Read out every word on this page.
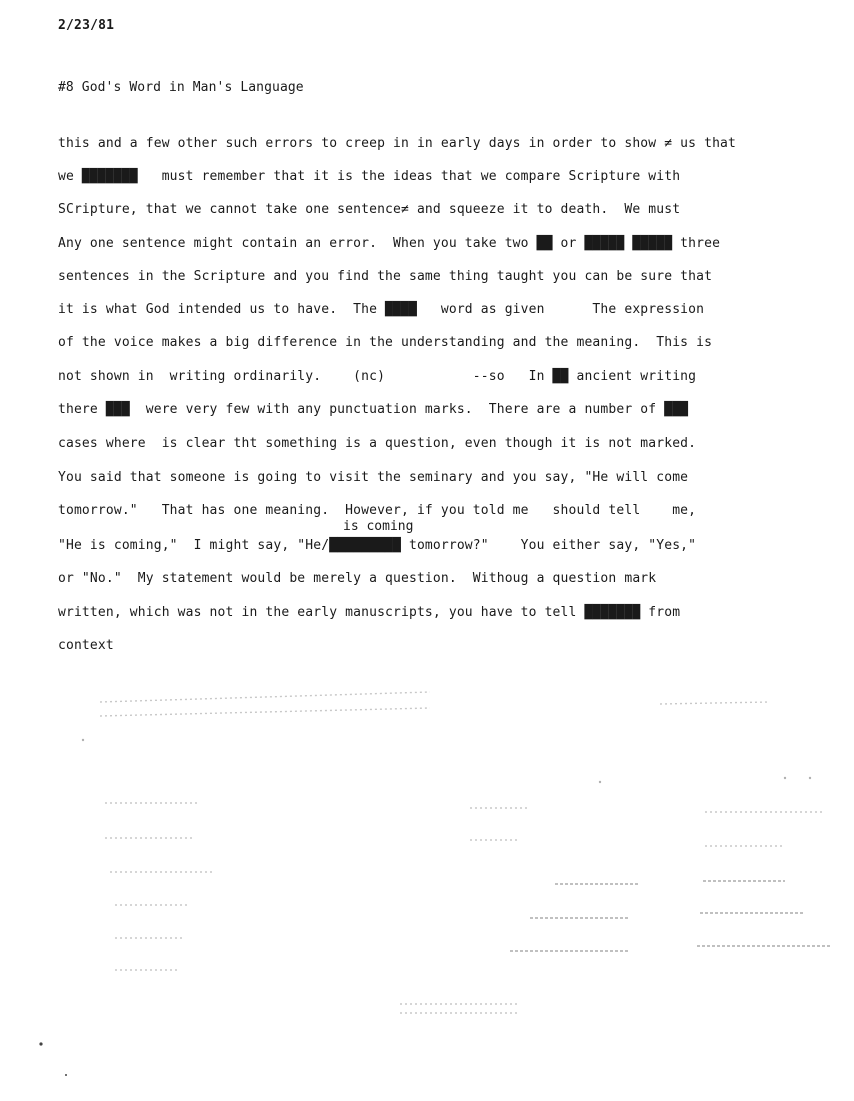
2/23/81
#8 God's Word in Man's Language
this and a few other such errors to creep in in early days in order to show ≠ us that
we ███████   must remember that it is the ideas that we compare Scripture with
SCripture, that we cannot take one sentence≠ and squeeze it to death.  We must
Any one sentence might contain an error.  When you take two ██ or █████ █████ three
sentences in the Scripture and you find the same thing taught you can be sure that
it is what God intended us to have.  The ████   word as given      The expression
of the voice makes a big difference in the understanding and the meaning.  This is
not shown in  writing ordinarily.    (nc)           --so   In ██ ancient writing
there ███  were very few with any punctuation marks.  There are a number of ███
cases where  is clear tht something is a question, even though it is not marked.
You said that someone is going to visit the seminary and you say, "He will come
tomorrow."   That has one meaning.  However, if you told me   should tell    me,
is coming
"He is coming,"  I might say, "He/█████████ tomorrow?"    You either say, "Yes,"
or "No."  My statement would be merely a question.  Withoug a question mark
written, which was not in the early manuscripts, you have to tell ███████ from
context
